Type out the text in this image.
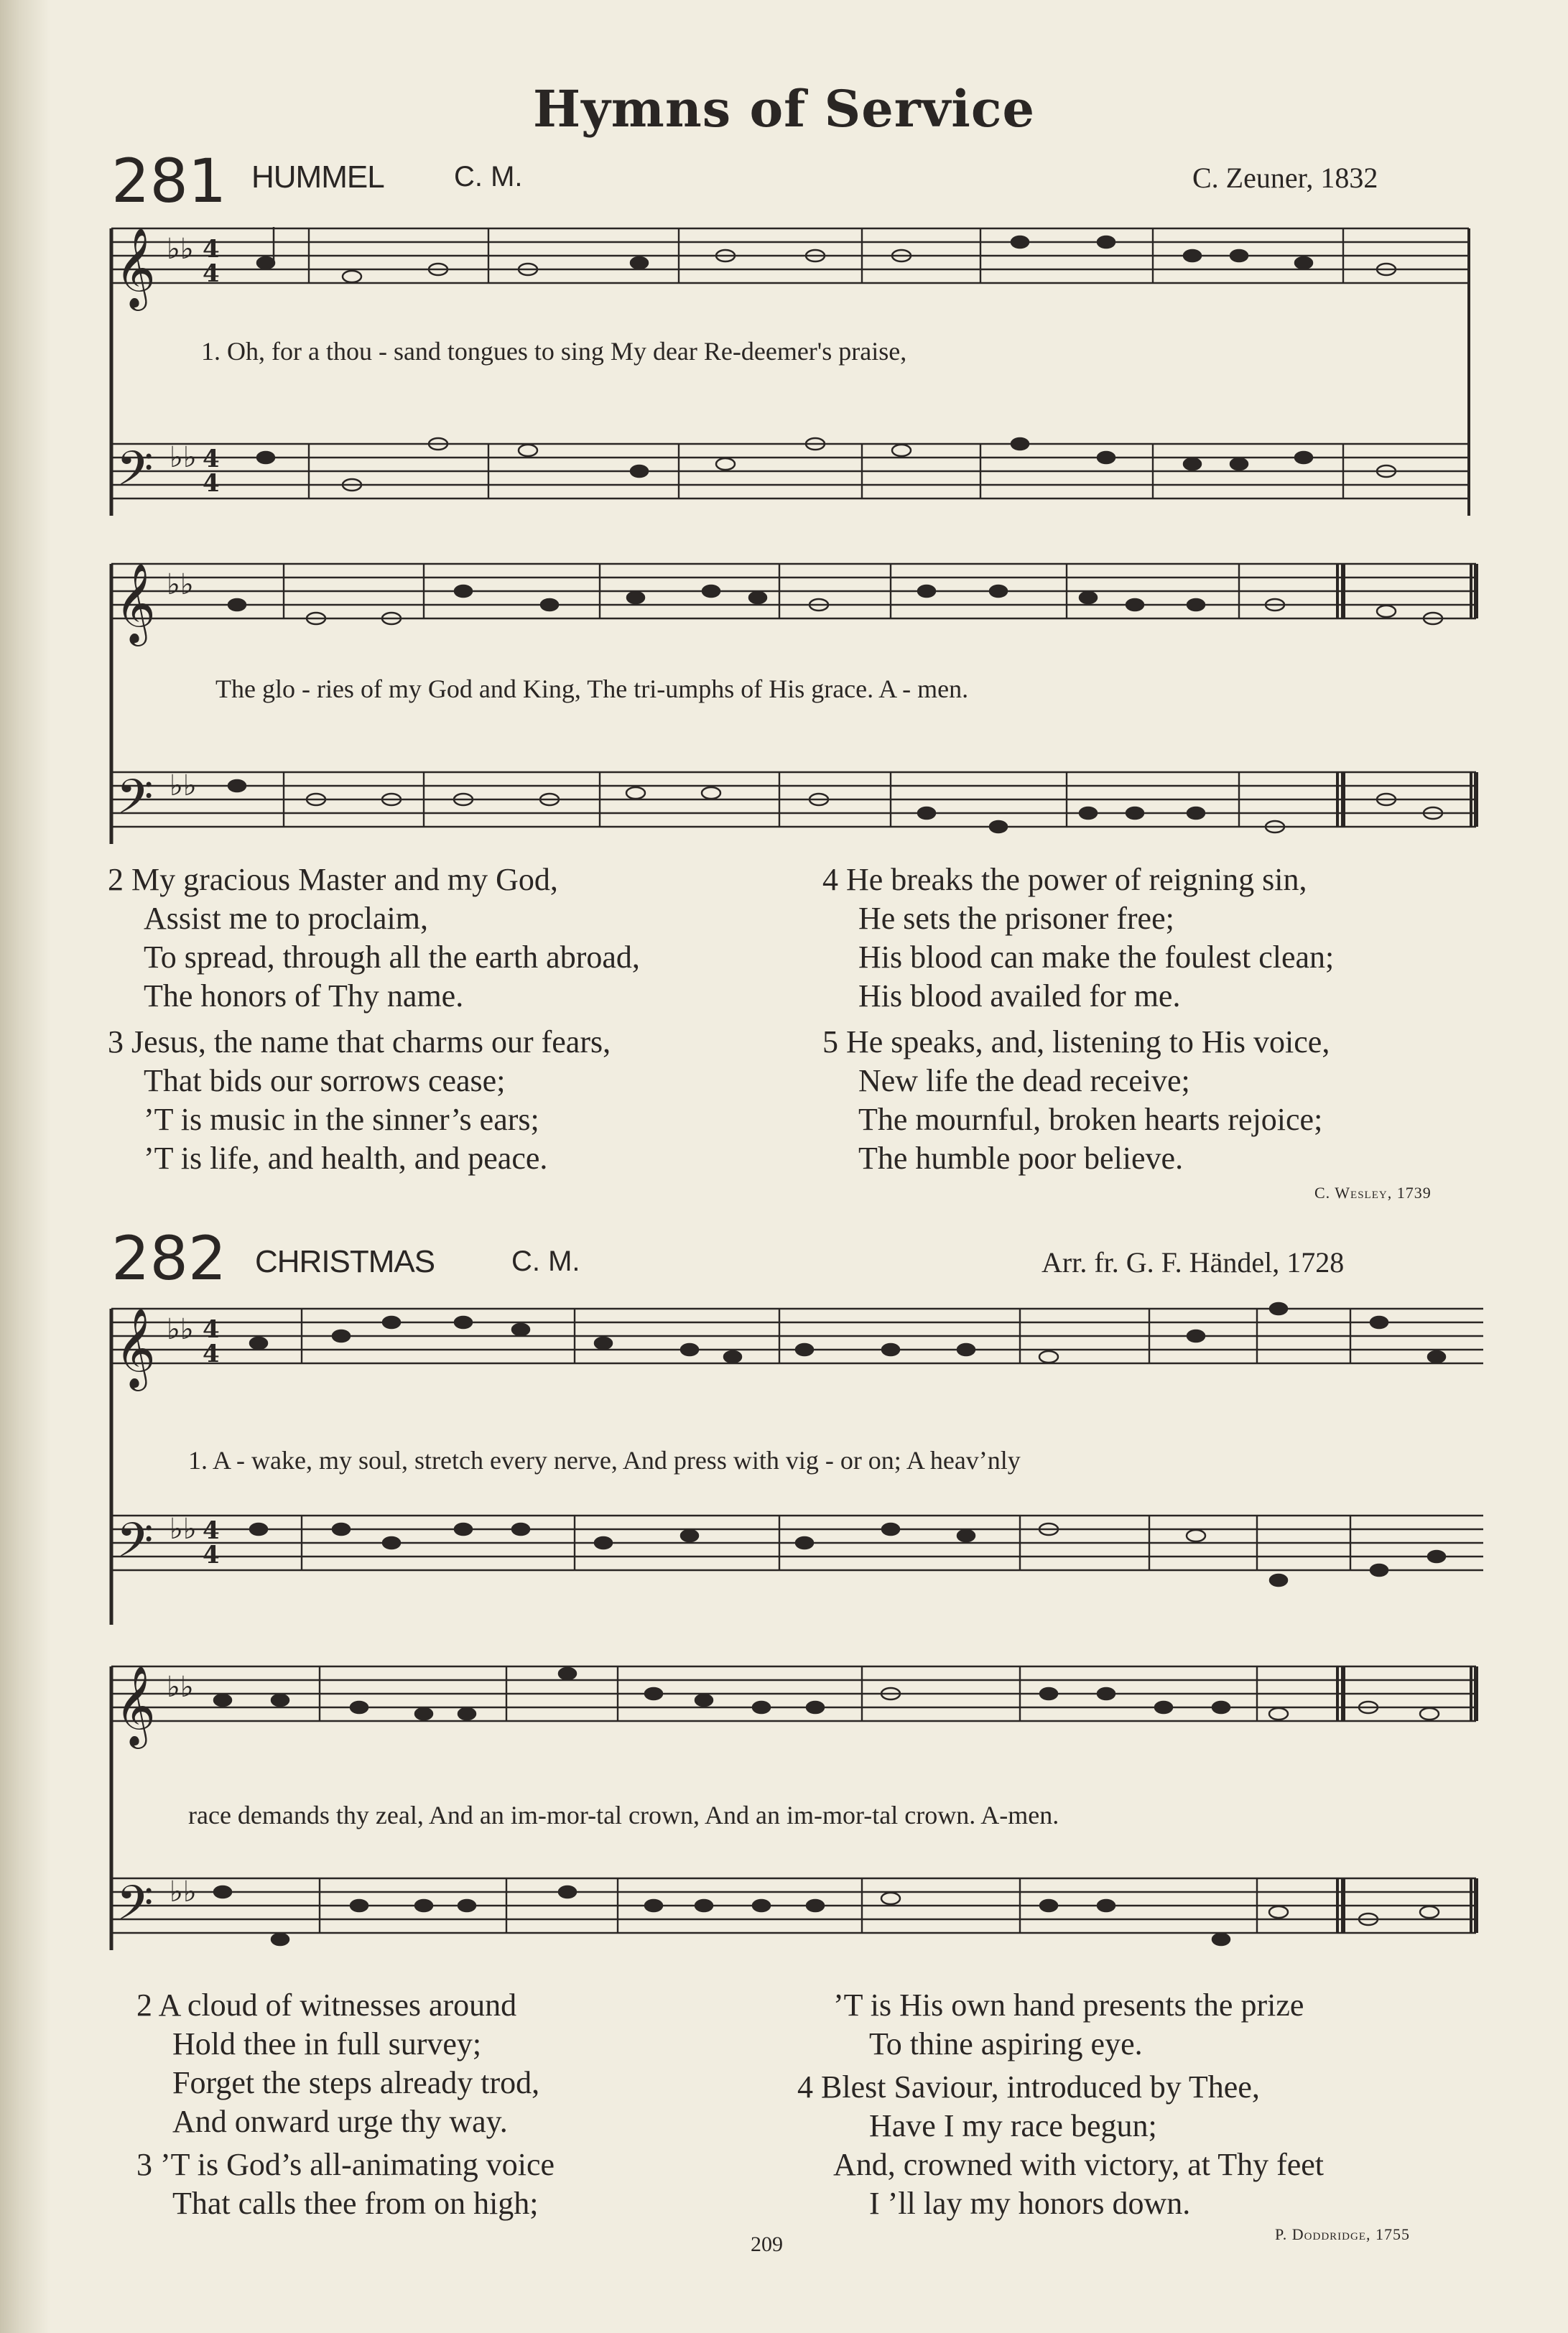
Hymns of Service
281 HUMMEL C. M.	C. Zeuner, 1832
𝄞
𝄢
♭♭
♭♭
4
4
4
4
𝄞
𝄢
♭♭
♭♭
1. Oh, for a thou - sand tongues to sing My dear Re-deemer's praise,
The glo - ries of my God and King, The tri-umphs of His grace. A - men.
2 My gracious Master and my God,
Assist me to proclaim,
To spread, through all the earth abroad,
The honors of Thy name.
3 Jesus, the name that charms our fears,
That bids our sorrows cease;
’T is music in the sinner’s ears;
’T is life, and health, and peace.
4 He breaks the power of reigning sin,
He sets the prisoner free;
His blood can make the foulest clean;
His blood availed for me.
5 He speaks, and, listening to His voice,
New life the dead receive;
The mournful, broken hearts rejoice;
The humble poor believe.
C. Wesley, 1739
282 CHRISTMAS	C. M.	Arr. fr. G. F. Händel, 1728
𝄞
𝄢
♭♭
♭♭
4
4
4
4
𝄞
𝄢
♭♭
♭♭
1. A - wake, my soul, stretch every nerve, And press with vig - or on; A heav’nly
race demands thy zeal, And an im-mor-tal crown, And an im-mor-tal crown. A-men.
2 A cloud of witnesses around
Hold thee in full survey;
Forget the steps already trod,
And onward urge thy way.
3 ’T is God’s all-animating voice
That calls thee from on high;
’T is His own hand presents the prize
To thine aspiring eye.
4 Blest Saviour, introduced by Thee,
Have I my race begun;
And, crowned with victory, at Thy feet
I ’ll lay my honors down.
P. Doddridge, 1755
209
